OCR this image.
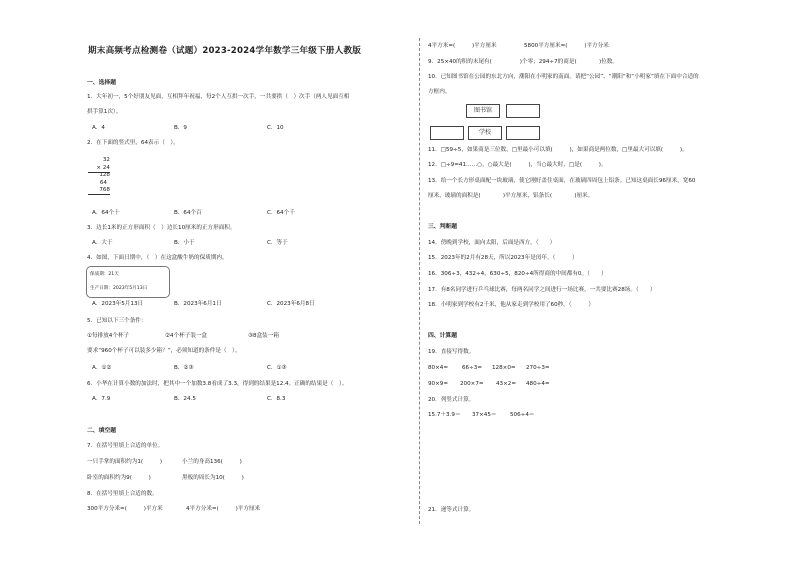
期末高频考点检测卷（试题）2023-2024学年数学三年级下册人教版
一、选择题
1．大年初一，5个好朋友见面，互相拜年祝福，每2个人互拱一次手，一共要拱（　）次手（两人见面互相
拱手算1次）。
A．4	B．9	C．10
2．在下面的竖式里，64表示（　）。
32
× 24
128
64
768
A．64个十	B．64个百	C．64个千
3．边长1米的正方形面积（　）边长10厘米的正方形面积。
A．大于	B．小于	C．等于
4．如图，下面日期中，（　）在这盒酸牛奶的保质期内。
保质期：21天
生产日期：2023年5月13日
A．2023年5月13日	B．2023年6月1日	C．2023年6月8日
5．已知以下三个条件：
①每排放4个杯子	②4个杯子装一盒	③8盒装一箱
要求“960个杯子可以装多少箱？”，必须知道的条件是（　）。
A．①②	B．②③	C．①③
6．小华在计算小数的加法时，把其中一个加数3.8看成了3.3，得到的结果是12.4。正确的结果是（　）。
A．7.9	B．24.5	C．8.3
二、填空题
7．在括号里填上合适的单位。
一只手掌的面积约为1(　　　)	小兰的身高136(　　　)
卧室的面积约为9(　　　)	黑板的周长为10(　　　)
8．在括号里填上合适的数。
300平方分米=(　　　)平方米	4平方分米=(　　　)平方厘米
4平方米=(　　　)平方厘米	5800平方厘米=(　　　)平方分米
9．25×40的积的末尾有(　　　　　)个零；294÷7的商是(　　　　)位数。
10．已知图书馆在公园的东北方向，潮阳在小明家的南面。请把“公园”、“潮阳”和“小明家”填在下面中合适的
方框内。
图书馆
学校
11．□59÷5，如果商是三位数，□里最小可以填(　　　)，如果商是两位数，□里最大可以填(　　　)。
12．□÷9=41……○，○最大是(　　　)，当○最大时，□是(　　　)。
13．给一个长方形桌面配一块玻璃，使它刚好盖住桌面，在玻璃四周包上铝条。已知这桌面长96厘米，宽60
厘米，玻璃的面积是(　　　　)平方厘米，铝条长(　　　　)厘米。
三、判断题
14．傍晚到学校，面向太阳，后面是西方。（　　）
15．2023年的2月有28天，所以2023年是闰年。（　　　）
16．306÷3，432÷4，630÷5，820÷4所得商的中间都有0。（　　）
17．有8名同学进行乒乓球比赛，每两名同学之间进行一场比赛，一共要比赛28场。（　　）
18．小明家到学校有2千米，他从家走到学校用了60秒。（　　　）
四、计算题
19．直接写得数。
80×4= 66÷3= 128×0= 270÷3=
90×9= 200×7= 43×2= 480÷4=
20．列竖式计算。
15.7＋3.9＝ 37×45＝ 506÷4＝
21．递等式计算。
